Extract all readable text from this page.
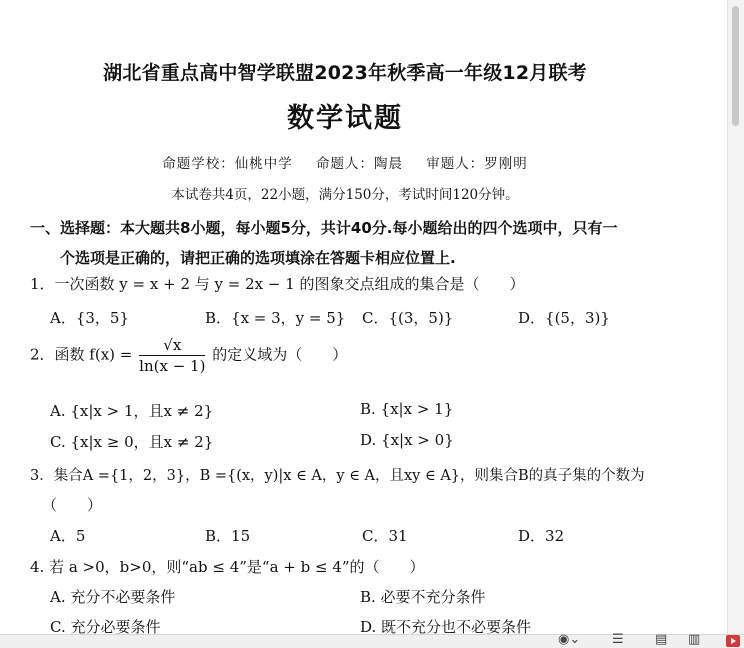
湖北省重点高中智学联盟2023年秋季高一年级12月联考
数学试题
命题学校：仙桃中学 命题人：陶晨 审题人：罗刚明
本试卷共4页，22小题，满分150分，考试时间120分钟。
一、选择题：本大题共8小题，每小题5分，共计40分.每小题给出的四个选项中，只有一
个选项是正确的，请把正确的选项填涂在答题卡相应位置上.
1．一次函数 y = x + 2 与 y = 2x − 1 的图象交点组成的集合是（　　）
A．{3，5}	B．{x = 3，y = 5} C．{(3，5)}	D．{(5，3)}
2．函数 $f(x) = \frac{√x}{\ln(x - 1)}$ 的定义域为（　　）
A. {x|x > 1，且x ≠ 2}	B. {x|x > 1}
C. {x|x ≥ 0，且x ≠ 2}	D. {x|x > 0}
3．集合A ={1，2，3}，B ={(x，y)|x ∈ A，y ∈ A，且xy ∈ A}，则集合B的真子集的个数为
（　　）
A．5	B．15	C．31	D．32
4. 若 a >0，b>0，则“ab ≤ 4”是“a + b ≤ 4”的（　　）
A. 充分不必要条件	B. 必要不充分条件
C. 充分必要条件	D. 既不充分也不必要条件
◉⌄ ☰ ▤ ▥
